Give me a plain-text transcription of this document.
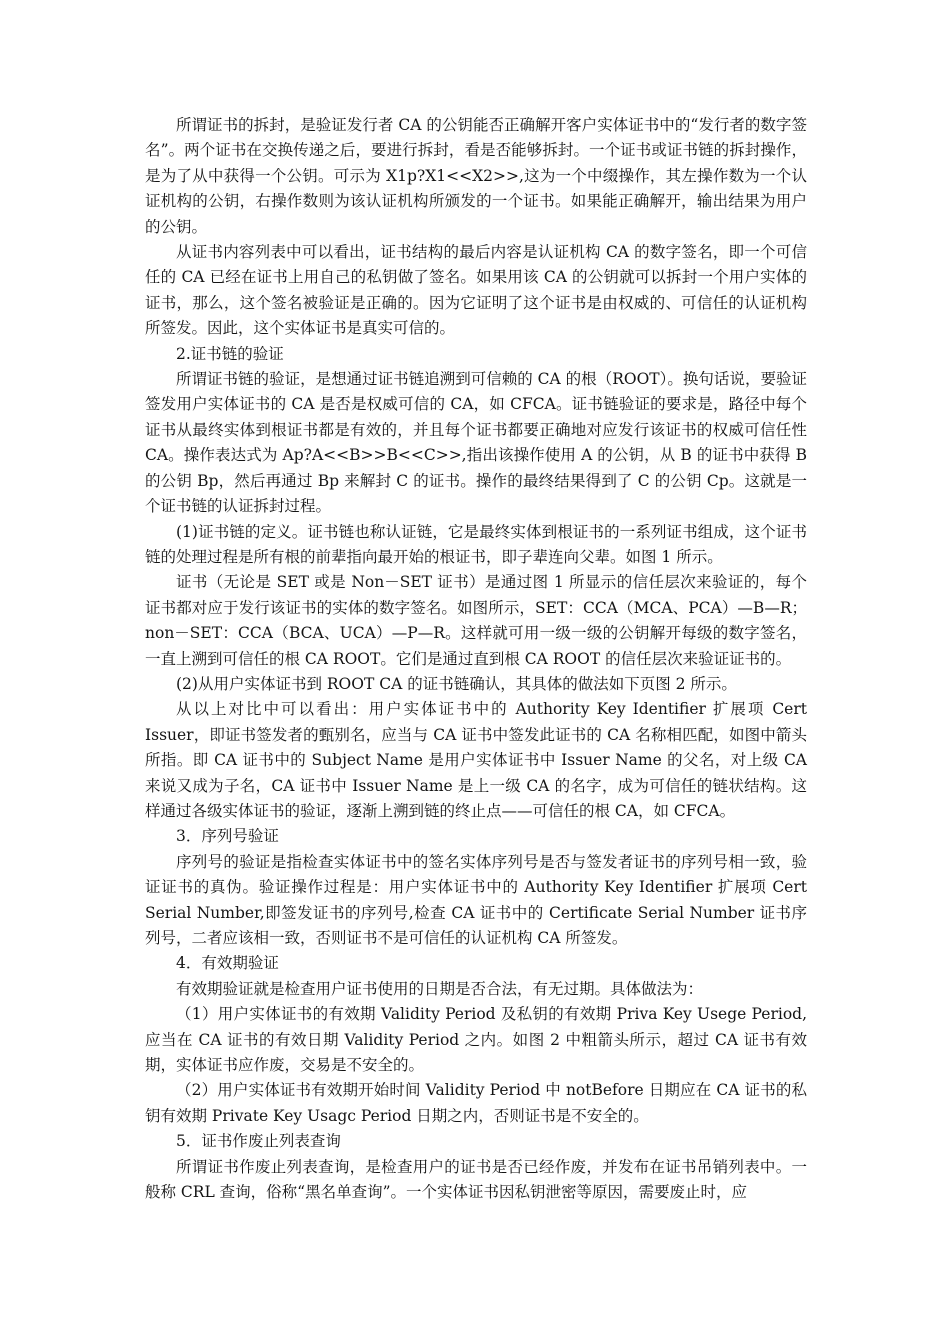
所谓证书的拆封，是验证发行者 CA 的公钥能否正确解开客户实体证书中的“发行者的数字签名”。两个证书在交换传递之后，要进行拆封，看是否能够拆封。一个证书或证书链的拆封操作，是为了从中获得一个公钥。可示为 X1p?X1<<X2>>,这为一个中缀操作，其左操作数为一个认证机构的公钥，右操作数则为该认证机构所颁发的一个证书。如果能正确解开，输出结果为用户的公钥。

从证书内容列表中可以看出，证书结构的最后内容是认证机构 CA 的数字签名，即一个可信任的 CA 已经在证书上用自己的私钥做了签名。如果用该 CA 的公钥就可以拆封一个用户实体的证书，那么，这个签名被验证是正确的。因为它证明了这个证书是由权威的、可信任的认证机构所签发。因此，这个实体证书是真实可信的。

2.证书链的验证

所谓证书链的验证，是想通过证书链追溯到可信赖的 CA 的根（ROOT）。换句话说，要验证签发用户实体证书的 CA 是否是权威可信的 CA，如 CFCA。证书链验证的要求是，路径中每个证书从最终实体到根证书都是有效的，并且每个证书都要正确地对应发行该证书的权威可信任性 CA。操作表达式为 Ap?A<<B>>B<<C>>,指出该操作使用 A 的公钥，从 B 的证书中获得 B 的公钥 Bp，然后再通过 Bp 来解封 C 的证书。操作的最终结果得到了 C 的公钥 Cp。这就是一个证书链的认证拆封过程。

(1)证书链的定义。证书链也称认证链，它是最终实体到根证书的一系列证书组成，这个证书链的处理过程是所有根的前辈指向最开始的根证书，即子辈连向父辈。如图 1 所示。

证书（无论是 SET 或是 Non－SET 证书）是通过图 1 所显示的信任层次来验证的，每个证书都对应于发行该证书的实体的数字签名。如图所示，SET：CCA（MCA、PCA）—B—R；non－SET：CCA（BCA、UCA）—P—R。这样就可用一级一级的公钥解开每级的数字签名，一直上溯到可信任的根 CA ROOT。它们是通过直到根 CA ROOT 的信任层次来验证证书的。

(2)从用户实体证书到 ROOT CA 的证书链确认，其具体的做法如下页图 2 所示。

从以上对比中可以看出：用户实体证书中的 Authority Key Identifier 扩展项 Cert Issuer，即证书签发者的甄别名，应当与 CA 证书中签发此证书的 CA 名称相匹配，如图中箭头所指。即 CA 证书中的 Subject Name 是用户实体证书中 Issuer Name 的父名，对上级 CA 来说又成为子名，CA 证书中 Issuer Name 是上一级 CA 的名字，成为可信任的链状结构。这样通过各级实体证书的验证，逐渐上溯到链的终止点——可信任的根 CA，如 CFCA。

3．序列号验证

序列号的验证是指检查实体证书中的签名实体序列号是否与签发者证书的序列号相一致，验证证书的真伪。验证操作过程是：用户实体证书中的 Authority Key Identifier 扩展项 Cert Serial Number,即签发证书的序列号,检查 CA 证书中的 Certificate Serial Number 证书序列号，二者应该相一致，否则证书不是可信任的认证机构 CA 所签发。

4．有效期验证

有效期验证就是检查用户证书使用的日期是否合法，有无过期。具体做法为：

（1）用户实体证书的有效期 Validity Period 及私钥的有效期 Priva Key Usege Period,应当在 CA 证书的有效日期 Validity Period 之内。如图 2 中粗箭头所示，超过 CA 证书有效期，实体证书应作废，交易是不安全的。

（2）用户实体证书有效期开始时间 Validity Period 中 notBefore 日期应在 CA 证书的私钥有效期 Private Key Usagc Period 日期之内，否则证书是不安全的。

5．证书作废止列表查询

所谓证书作废止列表查询，是检查用户的证书是否已经作废，并发布在证书吊销列表中。一般称 CRL 查询，俗称“黑名单查询”。一个实体证书因私钥泄密等原因，需要废止时，应
